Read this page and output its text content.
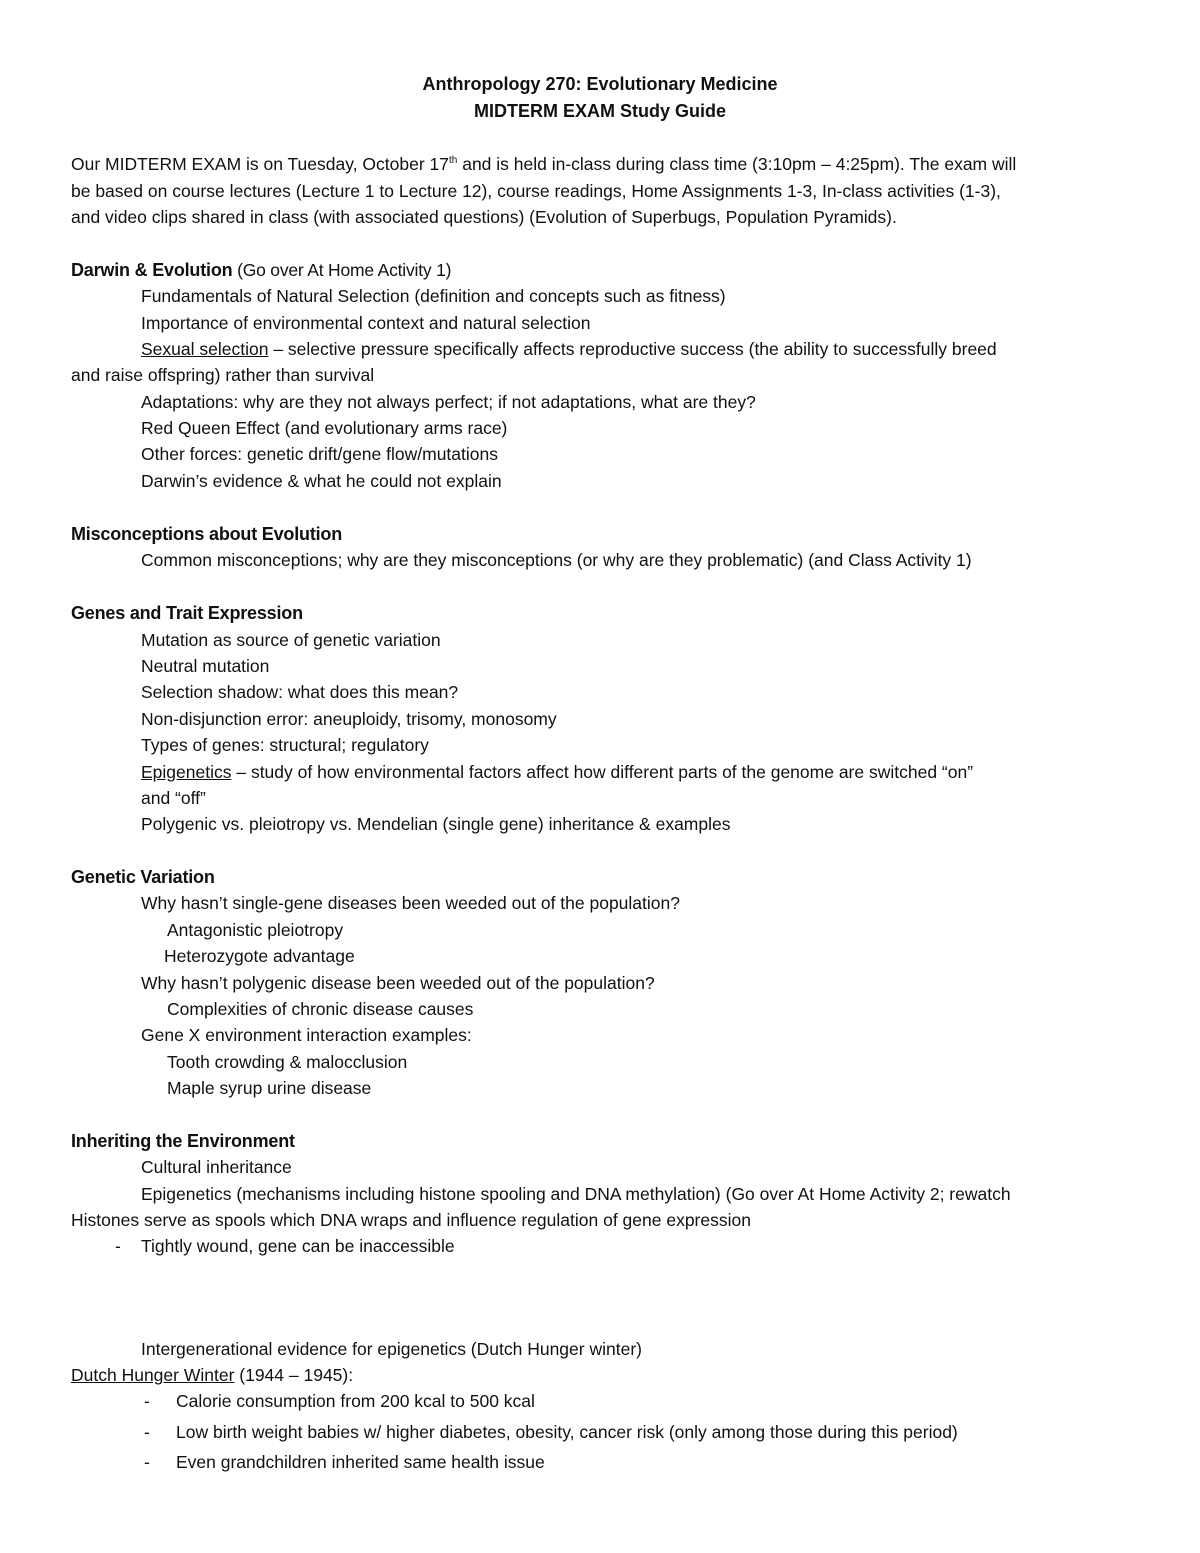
Anthropology 270: Evolutionary Medicine
MIDTERM EXAM Study Guide
Our MIDTERM EXAM is on Tuesday, October 17th and is held in-class during class time (3:10pm – 4:25pm). The exam will
be based on course lectures (Lecture 1 to Lecture 12), course readings, Home Assignments 1-3, In-class activities (1-3),
and video clips shared in class (with associated questions) (Evolution of Superbugs, Population Pyramids).
Darwin & Evolution (Go over At Home Activity 1)
Fundamentals of Natural Selection (definition and concepts such as fitness)
Importance of environmental context and natural selection
Sexual selection – selective pressure specifically affects reproductive success (the ability to successfully breed
and raise offspring) rather than survival
Adaptations: why are they not always perfect; if not adaptations, what are they?
Red Queen Effect (and evolutionary arms race)
Other forces: genetic drift/gene flow/mutations
Darwin’s evidence & what he could not explain
Misconceptions about Evolution
Common misconceptions; why are they misconceptions (or why are they problematic) (and Class Activity 1)
Genes and Trait Expression
Mutation as source of genetic variation
Neutral mutation
Selection shadow: what does this mean?
Non-disjunction error: aneuploidy, trisomy, monosomy
Types of genes: structural; regulatory
Epigenetics – study of how environmental factors affect how different parts of the genome are switched “on”
and “off”
Polygenic vs. pleiotropy vs. Mendelian (single gene) inheritance & examples
Genetic Variation
Why hasn’t single-gene diseases been weeded out of the population?
Antagonistic pleiotropy
Heterozygote advantage
Why hasn’t polygenic disease been weeded out of the population?
Complexities of chronic disease causes
Gene X environment interaction examples:
Tooth crowding & malocclusion
Maple syrup urine disease
Inheriting the Environment
Cultural inheritance
Epigenetics (mechanisms including histone spooling and DNA methylation) (Go over At Home Activity 2; rewatch
Histones serve as spools which DNA wraps and influence regulation of gene expression
- Tightly wound, gene can be inaccessible
Intergenerational evidence for epigenetics (Dutch Hunger winter)
Dutch Hunger Winter (1944 – 1945):
- Calorie consumption from 200 kcal to 500 kcal
- Low birth weight babies w/ higher diabetes, obesity, cancer risk (only among those during this period)
- Even grandchildren inherited same health issue
